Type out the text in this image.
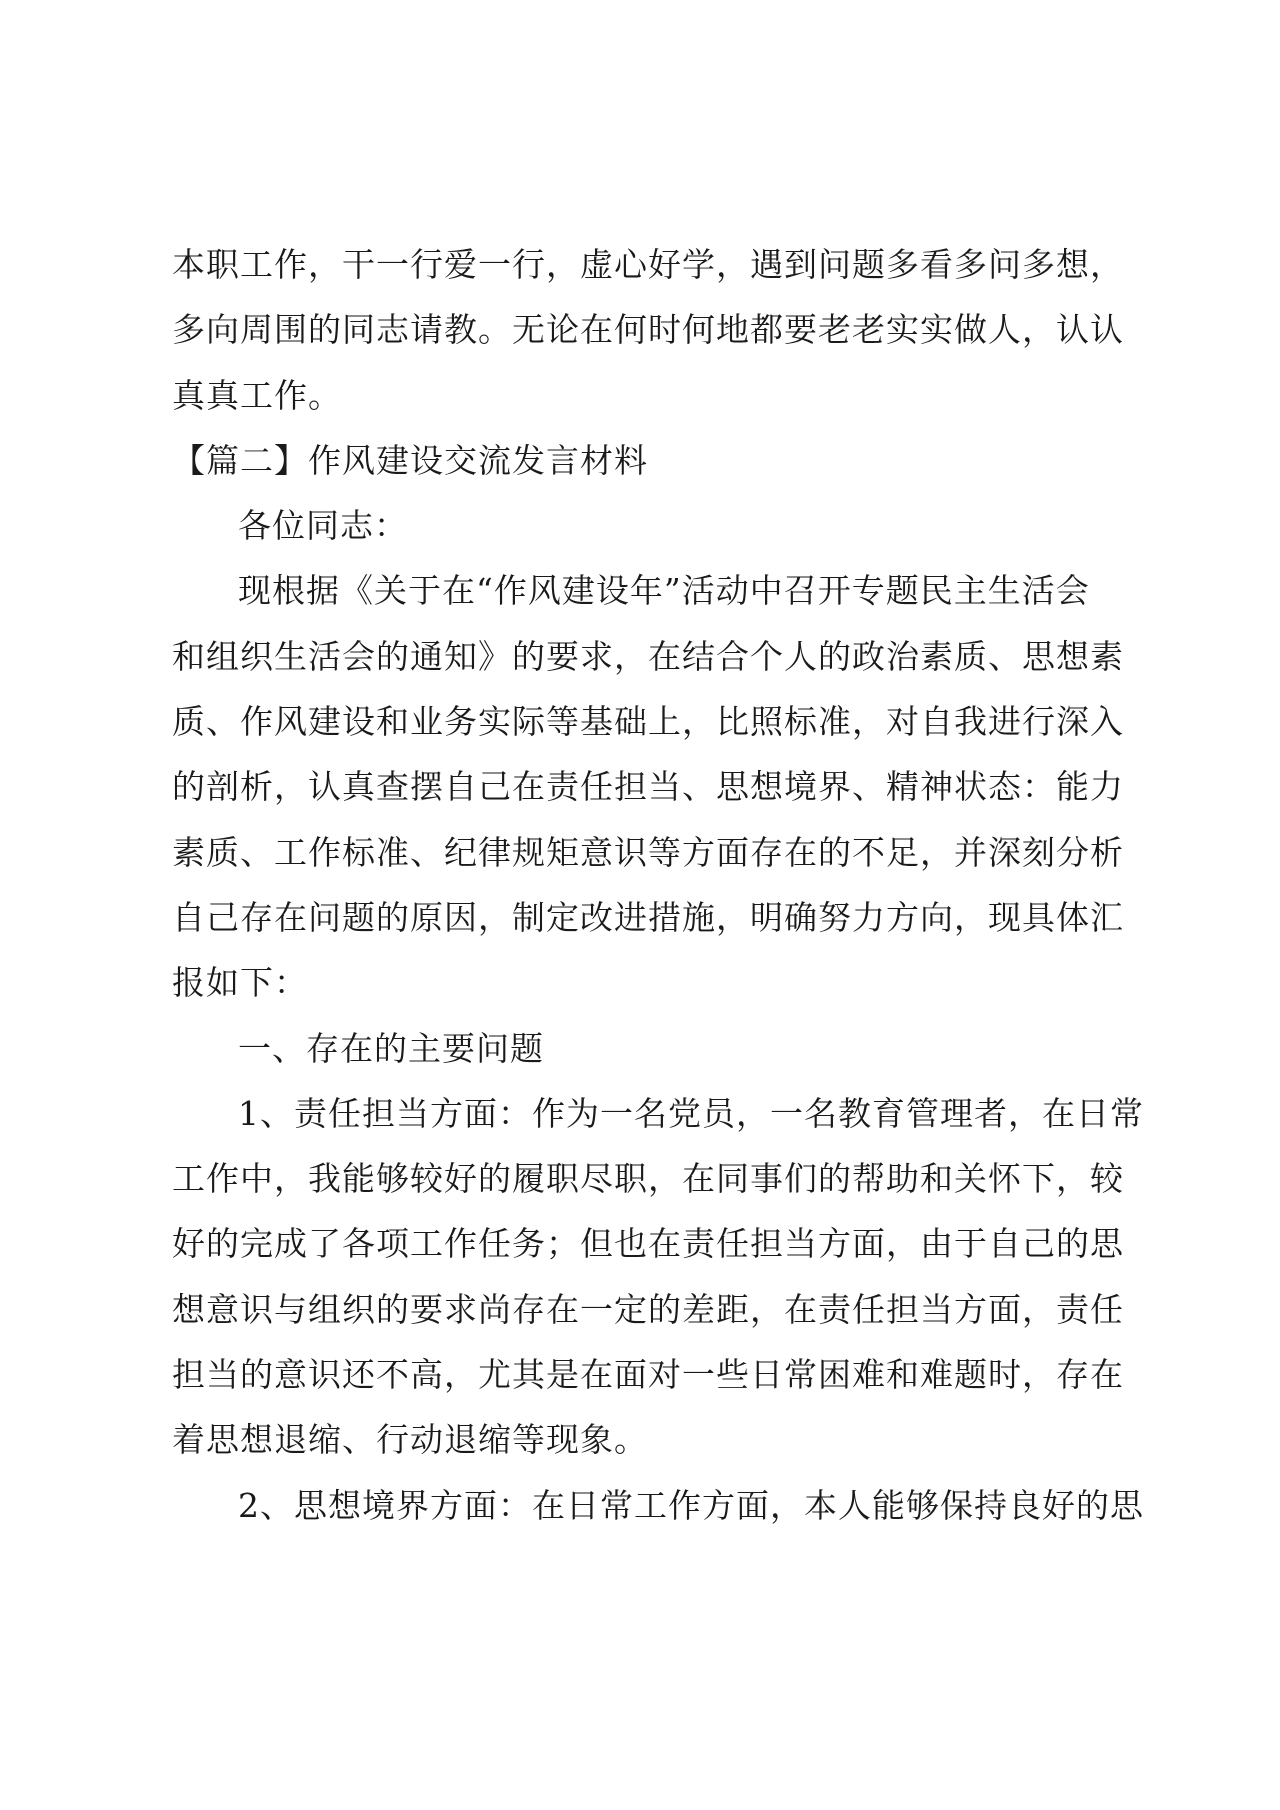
本职工作，干一行爱一行，虚心好学，遇到问题多看多问多想，
多向周围的同志请教。无论在何时何地都要老老实实做人，认认
真真工作。
【篇二】作风建设交流发言材料
各位同志：
现根据《关于在“作风建设年”活动中召开专题民主生活会
和组织生活会的通知》的要求，在结合个人的政治素质、思想素
质、作风建设和业务实际等基础上，比照标准，对自我进行深入
的剖析，认真查摆自己在责任担当、思想境界、精神状态：能力
素质、工作标准、纪律规矩意识等方面存在的不足，并深刻分析
自己存在问题的原因，制定改进措施，明确努力方向，现具体汇
报如下：
一、存在的主要问题
1、责任担当方面：作为一名党员，一名教育管理者，在日常
工作中，我能够较好的履职尽职，在同事们的帮助和关怀下，较
好的完成了各项工作任务；但也在责任担当方面，由于自己的思
想意识与组织的要求尚存在一定的差距，在责任担当方面，责任
担当的意识还不高，尤其是在面对一些日常困难和难题时，存在
着思想退缩、行动退缩等现象。
2、思想境界方面：在日常工作方面，本人能够保持良好的思
